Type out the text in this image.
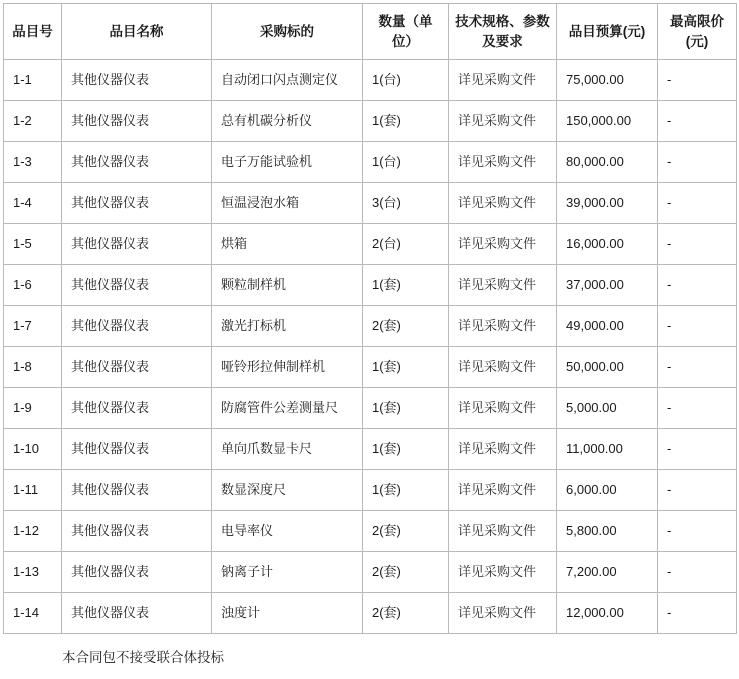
品目号	品目名称	采购标的	数量（单位）	技术规格、参数及要求	品目预算(元)	最高限价(元)
1-1	其他仪器仪表	自动闭口闪点测定仪	1(台)	详见采购文件	75,000.00	-
1-2	其他仪器仪表	总有机碳分析仪	1(套)	详见采购文件	150,000.00	-
1-3	其他仪器仪表	电子万能试验机	1(台)	详见采购文件	80,000.00	-
1-4	其他仪器仪表	恒温浸泡水箱	3(台)	详见采购文件	39,000.00	-
1-5	其他仪器仪表	烘箱	2(台)	详见采购文件	16,000.00	-
1-6	其他仪器仪表	颗粒制样机	1(套)	详见采购文件	37,000.00	-
1-7	其他仪器仪表	激光打标机	2(套)	详见采购文件	49,000.00	-
1-8	其他仪器仪表	哑铃形拉伸制样机	1(套)	详见采购文件	50,000.00	-
1-9	其他仪器仪表	防腐管件公差测量尺	1(套)	详见采购文件	5,000.00	-
1-10	其他仪器仪表	单向爪数显卡尺	1(套)	详见采购文件	11,000.00	-
1-11	其他仪器仪表	数显深度尺	1(套)	详见采购文件	6,000.00	-
1-12	其他仪器仪表	电导率仪	2(套)	详见采购文件	5,800.00	-
1-13	其他仪器仪表	钠离子计	2(套)	详见采购文件	7,200.00	-
1-14	其他仪器仪表	浊度计	2(套)	详见采购文件	12,000.00	-
本合同包不接受联合体投标
